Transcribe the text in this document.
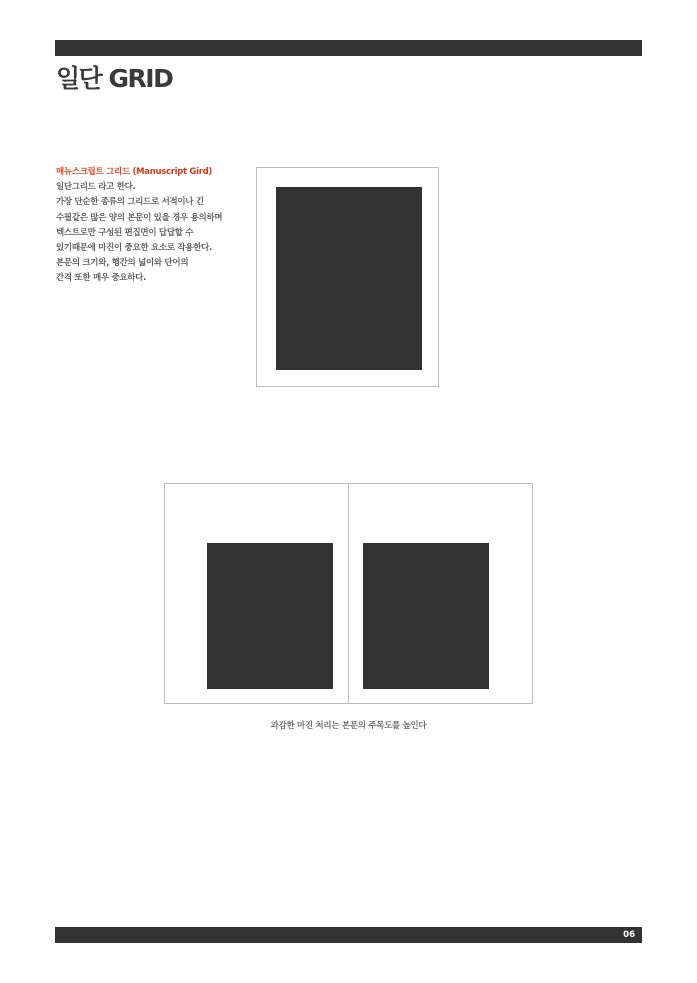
일단 GRID
매뉴스크립트 그리드 (Manuscript Gird)
일단그리드 라고 한다.
가장 단순한 종류의 그리드로 서적이나 긴
수필같은 많은 양의 본문이 있을 경우 용의하며
텍스트로만 구성된 편집면이 답답할 수
있기때문에 마진이 중요한 요소로 작용한다.
본문의 크기와, 행간의 넓이와 단어의
간격 또한 매우 중요하다.
과감한 마진 처리는 본문의 주목도를 높인다
06
